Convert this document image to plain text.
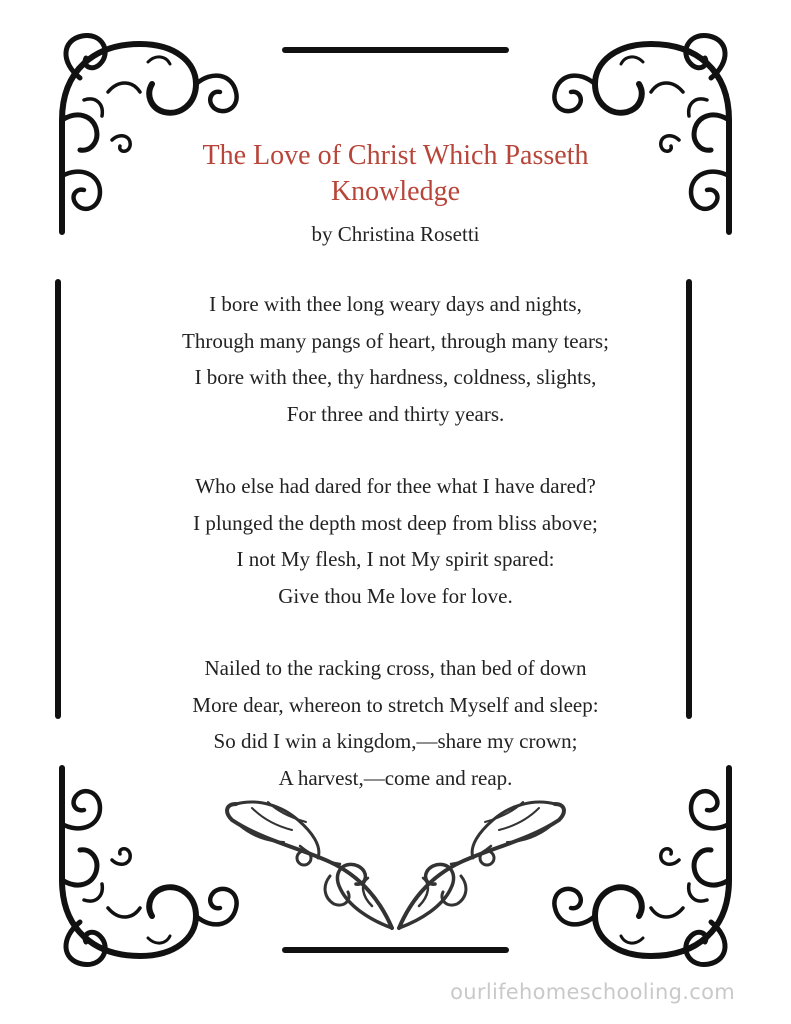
The Love of Christ Which Passeth
Knowledge
by Christina Rosetti

I bore with thee long weary days and nights,
Through many pangs of heart, through many tears;
I bore with thee, thy hardness, coldness, slights,
For three and thirty years.

Who else had dared for thee what I have dared?
I plunged the depth most deep from bliss above;
I not My flesh, I not My spirit spared:
Give thou Me love for love.

Nailed to the racking cross, than bed of down
More dear, whereon to stretch Myself and sleep:
So did I win a kingdom,—share my crown;
A harvest,—come and reap.

ourlifehomeschooling.com
